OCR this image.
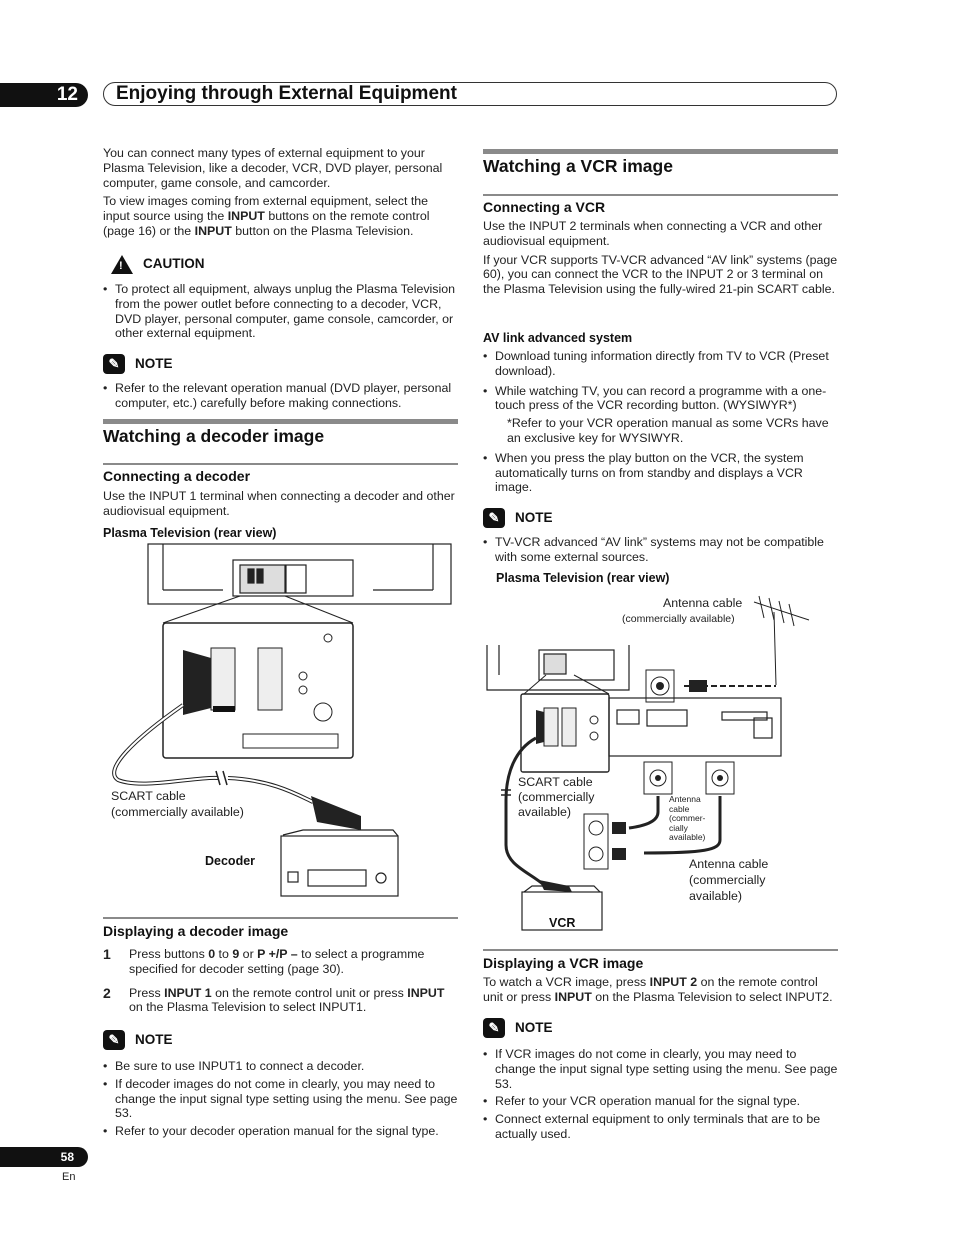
12	Enjoying through External Equipment

You can connect many types of external equipment to your Plasma Television, like a decoder, VCR, DVD player, personal computer, game console, and camcorder.

To view images coming from external equipment, select the input source using the INPUT buttons on the remote control (page 16) or the INPUT button on the Plasma Television.

! CAUTION
• To protect all equipment, always unplug the Plasma Television from the power outlet before connecting to a decoder, VCR, DVD player, personal computer, game console, camcorder, or other external equipment.
✎	NOTE
• Refer to the relevant operation manual (DVD player, personal computer, etc.) carefully before making connections.
Watching a decoder image
Connecting a decoder

Use the INPUT 1 terminal when connecting a decoder and other audiovisual equipment.

Plasma Television (rear view)

SCART cable

(commercially available)

Decoder
Displaying a decoder image
1	Press buttons 0 to 9 or P +/P – to select a programme specified for decoder setting (page 30).

2	Press INPUT 1 on the remote control unit or press INPUT on the Plasma Television to select INPUT1.

✎	NOTE
• Be sure to use INPUT1 to connect a decoder.
• If decoder images do not come in clearly, you may need to change the input signal type setting using the menu. See page 53.
• Refer to your decoder operation manual for the signal type.
Watching a VCR image
Connecting a VCR

Use the INPUT 2 terminals when connecting a VCR and other audiovisual equipment.

If your VCR supports TV-VCR advanced “AV link” systems (page 60), you can connect the VCR to the INPUT 2 or 3 terminal on the Plasma Television using the fully-wired 21-pin SCART cable.

AV link advanced system
• Download tuning information directly from TV to VCR (Preset download).
• While watching TV, you can record a programme with a one-touch press of the VCR recording button. (WYSIWYR*)

*Refer to your VCR operation manual as some VCRs have an exclusive key for WYSIWYR.

• When you press the play button on the VCR, the system automatically turns on from standby and displays a VCR image.
✎	NOTE
• TV-VCR advanced “AV link” systems may not be compatible with some external sources.
Plasma Television (rear view)

Antenna cable

(commercially available)

SCART cable

(commercially

available)

Antenna

cable

(commer-

cially

available)

Antenna cable

(commercially

available)

VCR
Displaying a VCR image

To watch a VCR image, press INPUT 2 on the remote control unit or press INPUT on the Plasma Television to select INPUT2.

✎	NOTE
• If VCR images do not come in clearly, you may need to change the input signal type setting using the menu. See page 53.
• Refer to your VCR operation manual for the signal type.
• Connect external equipment to only terminals that are to be actually used.
58
En
